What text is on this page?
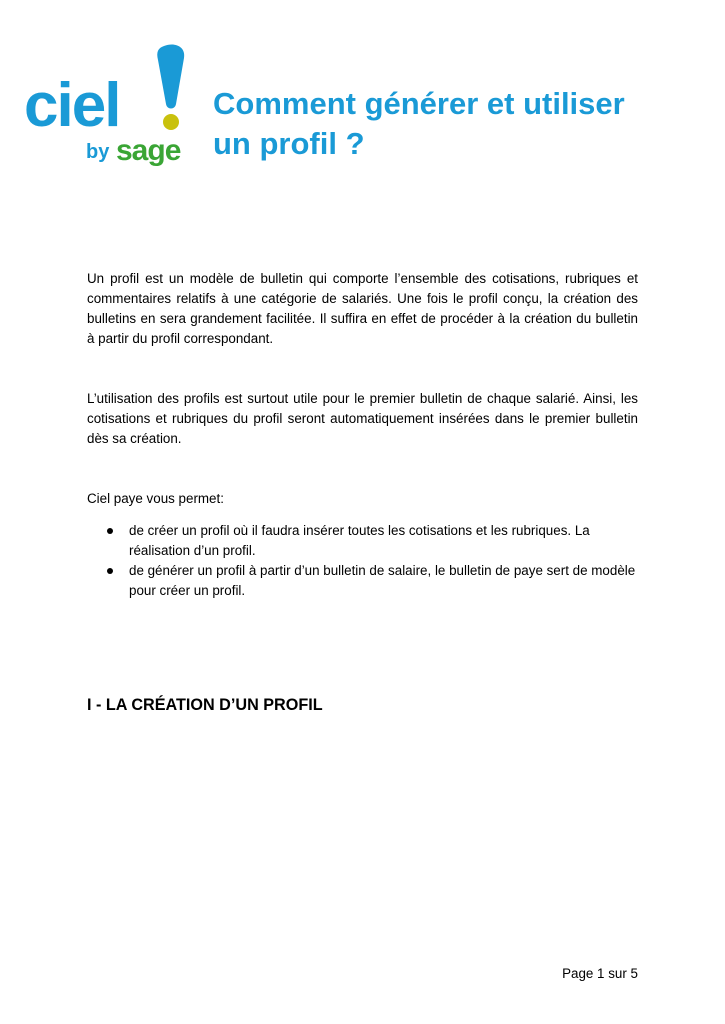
ciel
by sage
Comment générer et utiliser
un profil ?

Un profil est un modèle de bulletin qui comporte l’ensemble des cotisations, rubriques et commentaires relatifs à une catégorie de salariés. Une fois le profil conçu, la création des bulletins en sera grandement facilitée. Il suffira en effet de procéder à la création du bulletin à partir du profil correspondant.

L’utilisation des profils est surtout utile pour le premier bulletin de chaque salarié. Ainsi, les cotisations et rubriques du profil seront automatiquement insérées dans le premier bulletin dès sa création.

Ciel paye vous permet:

de créer un profil où il faudra insérer toutes les cotisations et les rubriques. La réalisation d’un profil.
de générer un profil à partir d’un bulletin de salaire, le bulletin de paye sert de modèle pour créer un profil.
I - LA CRÉATION D’UN PROFIL
Page 1 sur 5
